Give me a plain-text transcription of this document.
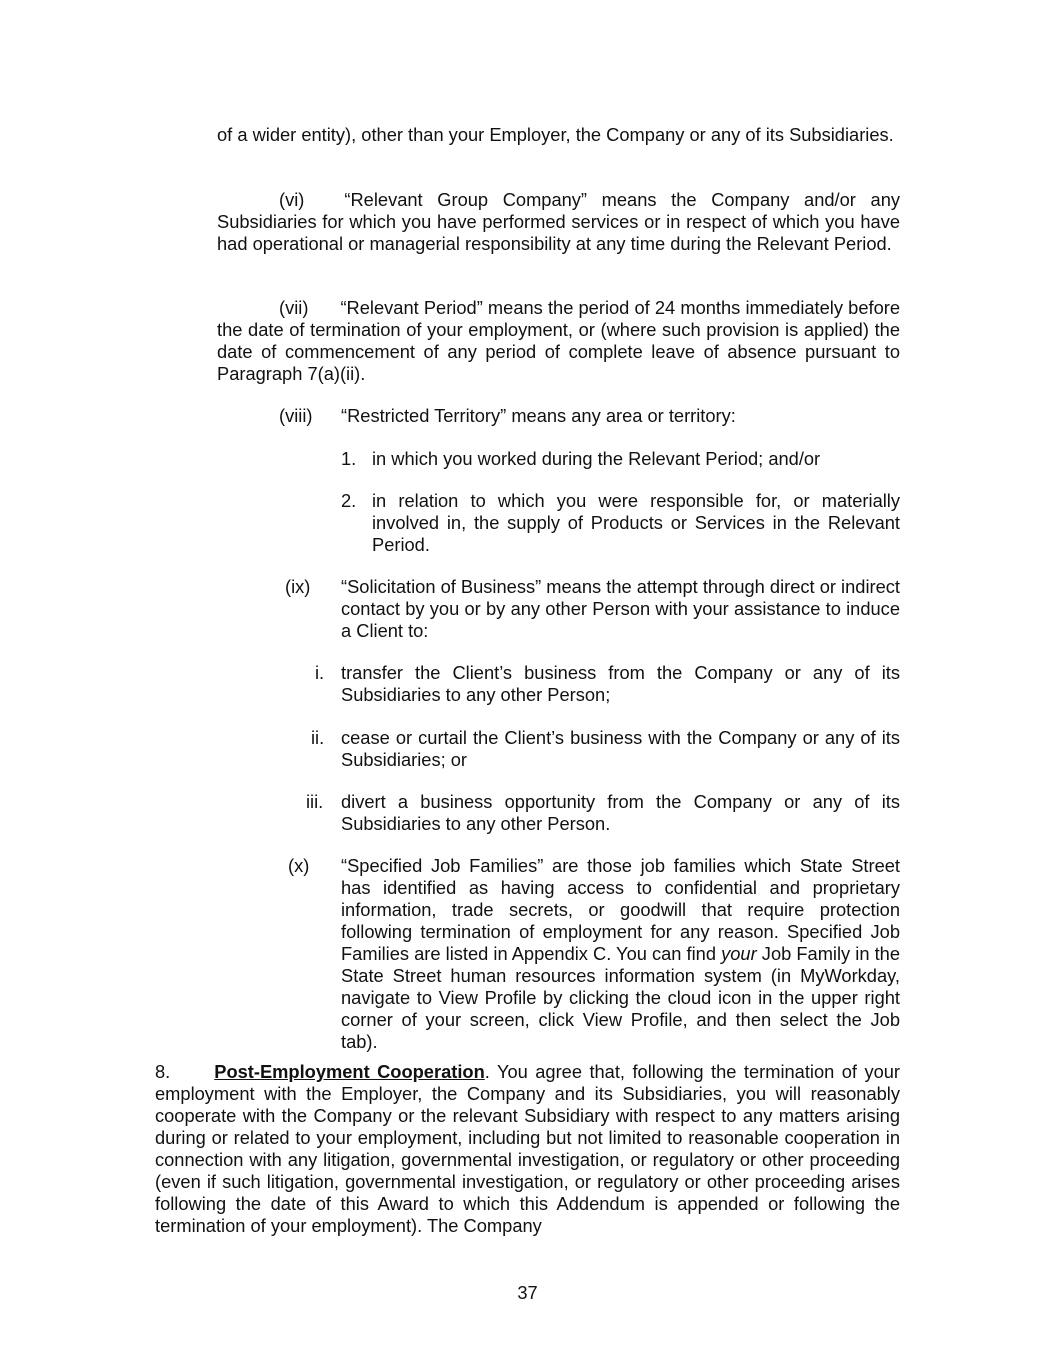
of a wider entity), other than your Employer, the Company or any of its Subsidiaries.
(vi) “Relevant Group Company” means the Company and/or any Subsidiaries for which you have performed services or in respect of which you have had operational or managerial responsibility at any time during the Relevant Period.
(vii) “Relevant Period” means the period of 24 months immediately before the date of termination of your employment, or (where such provision is applied) the date of commencement of any period of complete leave of absence pursuant to Paragraph 7(a)(ii).
(viii) “Restricted Territory” means any area or territory:
1. in which you worked during the Relevant Period; and/or
2. in relation to which you were responsible for, or materially involved in, the supply of Products or Services in the Relevant Period.
(ix) “Solicitation of Business” means the attempt through direct or indirect contact by you or by any other Person with your assistance to induce a Client to:
i. transfer the Client’s business from the Company or any of its Subsidiaries to any other Person;
ii. cease or curtail the Client’s business with the Company or any of its Subsidiaries; or
iii. divert a business opportunity from the Company or any of its Subsidiaries to any other Person.
(x) “Specified Job Families” are those job families which State Street has identified as having access to confidential and proprietary information, trade secrets, or goodwill that require protection following termination of employment for any reason. Specified Job Families are listed in Appendix C. You can find your Job Family in the State Street human resources information system (in MyWorkday, navigate to View Profile by clicking the cloud icon in the upper right corner of your screen, click View Profile, and then select the Job tab).
8. Post-Employment Cooperation. You agree that, following the termination of your employment with the Employer, the Company and its Subsidiaries, you will reasonably cooperate with the Company or the relevant Subsidiary with respect to any matters arising during or related to your employment, including but not limited to reasonable cooperation in connection with any litigation, governmental investigation, or regulatory or other proceeding (even if such litigation, governmental investigation, or regulatory or other proceeding arises following the date of this Award to which this Addendum is appended or following the termination of your employment). The Company
37
